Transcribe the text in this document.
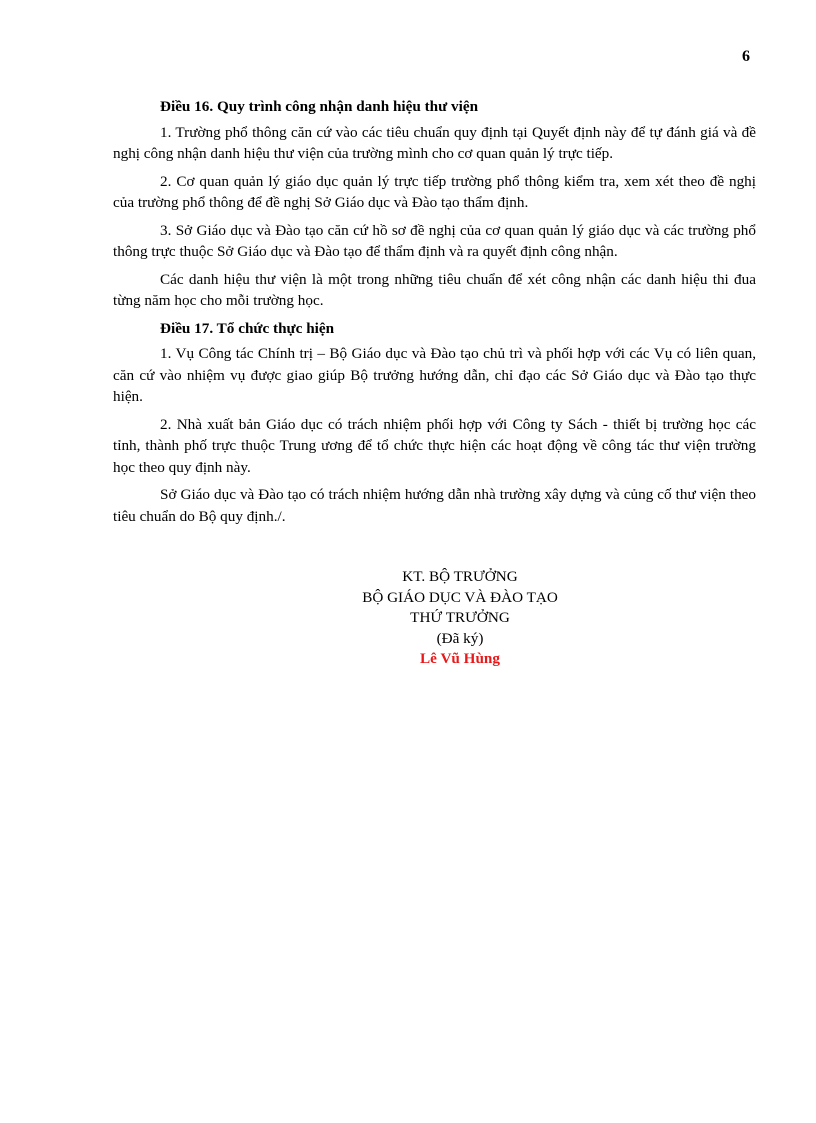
6

Điều 16. Quy trình công nhận danh hiệu thư viện

1. Trường phổ thông căn cứ vào các tiêu chuẩn quy định tại Quyết định này để tự đánh giá và đề nghị công nhận danh hiệu thư viện của trường mình cho cơ quan quản lý trực tiếp.

2. Cơ quan quản lý giáo dục quản lý trực tiếp trường phổ thông kiểm tra, xem xét theo đề nghị của trường phổ thông để đề nghị Sở Giáo dục và Đào tạo thẩm định.

3. Sở Giáo dục và Đào tạo căn cứ hồ sơ đề nghị của cơ quan quản lý giáo dục và các trường phổ thông trực thuộc Sở Giáo dục và Đào tạo để thẩm định và ra quyết định công nhận.

Các danh hiệu thư viện là một trong những tiêu chuẩn để xét công nhận các danh hiệu thi đua từng năm học cho mỗi trường học.

Điều 17. Tổ chức thực hiện

1. Vụ Công tác Chính trị – Bộ Giáo dục và Đào tạo chủ trì và phối hợp với các Vụ có liên quan, căn cứ vào nhiệm vụ được giao giúp Bộ trưởng hướng dẫn, chỉ đạo các Sở Giáo dục và Đào tạo thực hiện.

2. Nhà xuất bản Giáo dục có trách nhiệm phối hợp với Công ty Sách - thiết bị trường học các tỉnh, thành phố trực thuộc Trung ương để tổ chức thực hiện các hoạt động về công tác thư viện trường học theo quy định này.

Sở Giáo dục và Đào tạo có trách nhiệm hướng dẫn nhà trường xây dựng và củng cố thư viện theo tiêu chuẩn do Bộ quy định./.

KT. BỘ TRƯỞNG
BỘ GIÁO DỤC VÀ ĐÀO TẠO
THỨ TRƯỞNG
(Đã ký)
Lê Vũ Hùng
